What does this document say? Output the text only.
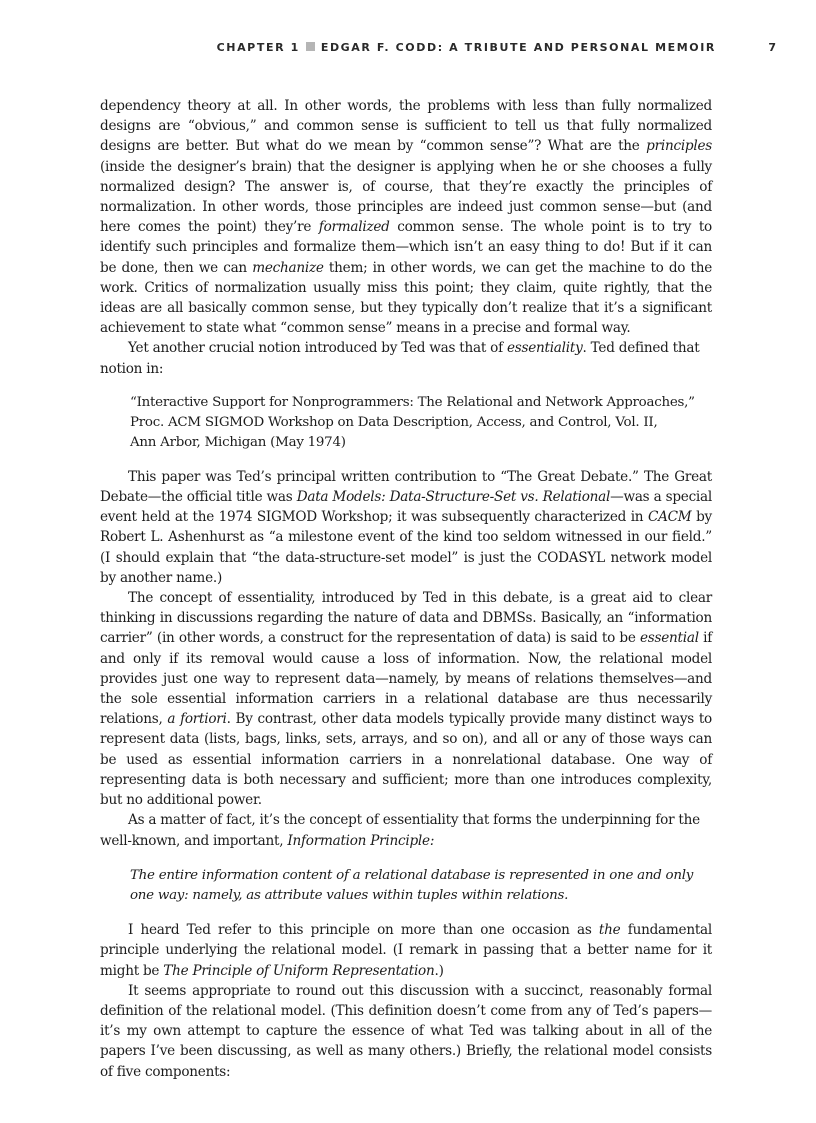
CHAPTER 1 EDGAR F. CODD: A TRIBUTE AND PERSONAL MEMOIR	7

dependency theory at all. In other words, the problems with less than fully normalized designs are “obvious,” and common sense is sufficient to tell us that fully normalized designs are better. But what do we mean by “common sense”? What are the principles (inside the designer’s brain) that the designer is applying when he or she chooses a fully normalized design? The answer is, of course, that they’re exactly the principles of normalization. In other words, those principles are indeed just common sense—but (and here comes the point) they’re formalized common sense. The whole point is to try to identify such principles and formalize them—which isn’t an easy thing to do! But if it can be done, then we can mechanize them; in other words, we can get the machine to do the work. Critics of normalization usually miss this point; they claim, quite rightly, that the ideas are all basically common sense, but they typically don’t realize that it’s a significant achievement to state what “common sense” means in a precise and formal way.

Yet another crucial notion introduced by Ted was that of essentiality. Ted defined that notion in:

“Interactive Support for Nonprogrammers: The Relational and Network Approaches,”
Proc. ACM SIGMOD Workshop on Data Description, Access, and Control, Vol. II,
Ann Arbor, Michigan (May 1974)

This paper was Ted’s principal written contribution to “The Great Debate.” The Great Debate—the official title was Data Models: Data-Structure-Set vs. Relational—was a special event held at the 1974 SIGMOD Workshop; it was subsequently characterized in CACM by Robert L. Ashenhurst as “a milestone event of the kind too seldom witnessed in our field.” (I should explain that “the data-structure-set model” is just the CODASYL network model by another name.)

The concept of essentiality, introduced by Ted in this debate, is a great aid to clear thinking in discussions regarding the nature of data and DBMSs. Basically, an “information carrier” (in other words, a construct for the representation of data) is said to be essential if and only if its removal would cause a loss of information. Now, the relational model provides just one way to represent data—namely, by means of relations themselves—and the sole essential information carriers in a relational database are thus necessarily relations, a fortiori. By contrast, other data models typically provide many distinct ways to represent data (lists, bags, links, sets, arrays, and so on), and all or any of those ways can be used as essential information carriers in a nonrelational database. One way of representing data is both necessary and sufficient; more than one introduces complexity, but no additional power.

As a matter of fact, it’s the concept of essentiality that forms the underpinning for the well-known, and important, Information Principle:

The entire information content of a relational database is represented in one and only
one way: namely, as attribute values within tuples within relations.

I heard Ted refer to this principle on more than one occasion as the fundamental principle underlying the relational model. (I remark in passing that a better name for it might be The Principle of Uniform Representation.)

It seems appropriate to round out this discussion with a succinct, reasonably formal definition of the relational model. (This definition doesn’t come from any of Ted’s papers—it’s my own attempt to capture the essence of what Ted was talking about in all of the papers I’ve been discussing, as well as many others.) Briefly, the relational model consists of five components:
